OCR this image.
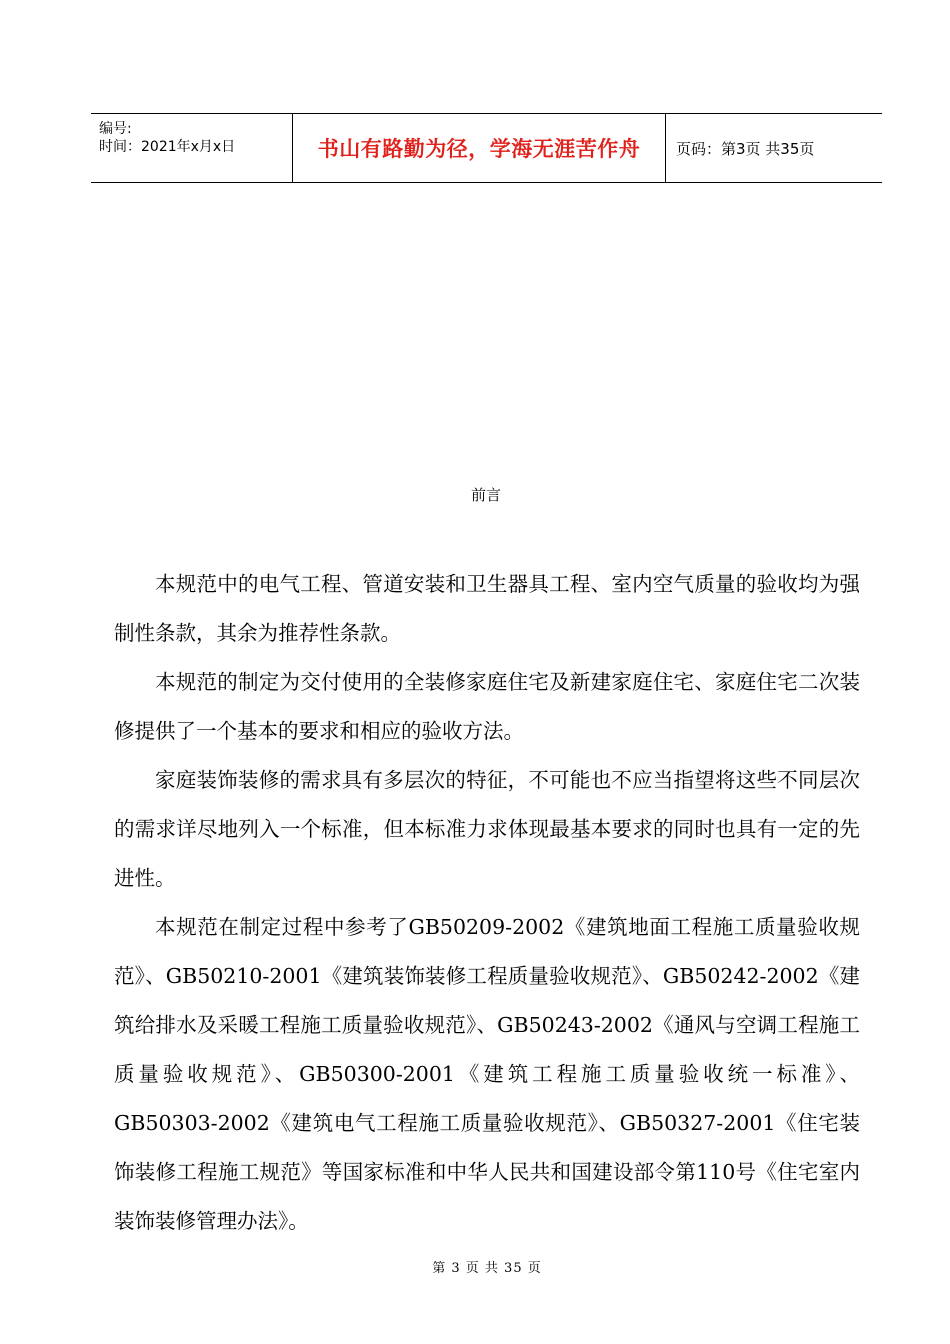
编号:
时间：2021年x月x日	书山有路勤为径，学海无涯苦作舟 页码：第3页 共35页
前言

本规范中的电气工程、管道安装和卫生器具工程、室内空气质量的验收均为强制性条款，其余为推荐性条款。

本规范的制定为交付使用的全装修家庭住宅及新建家庭住宅、家庭住宅二次装修提供了一个基本的要求和相应的验收方法。

家庭装饰装修的需求具有多层次的特征，不可能也不应当指望将这些不同层次的需求详尽地列入一个标准，但本标准力求体现最基本要求的同时也具有一定的先进性。

本规范在制定过程中参考了GB50209-2002《建筑地面工程施工质量验收规范》、GB50210-2001《建筑装饰装修工程质量验收规范》、GB50242-2002《建筑给排水及采暖工程施工质量验收规范》、GB50243-2002《通风与空调工程施工质量验收规范》、GB50300-2001《建筑工程施工质量验收统一标准》、GB50303-2002《建筑电气工程施工质量验收规范》、GB50327-2001《住宅装饰装修工程施工规范》等国家标准和中华人民共和国建设部令第110号《住宅室内装饰装修管理办法》。

第 3 页 共 35 页
